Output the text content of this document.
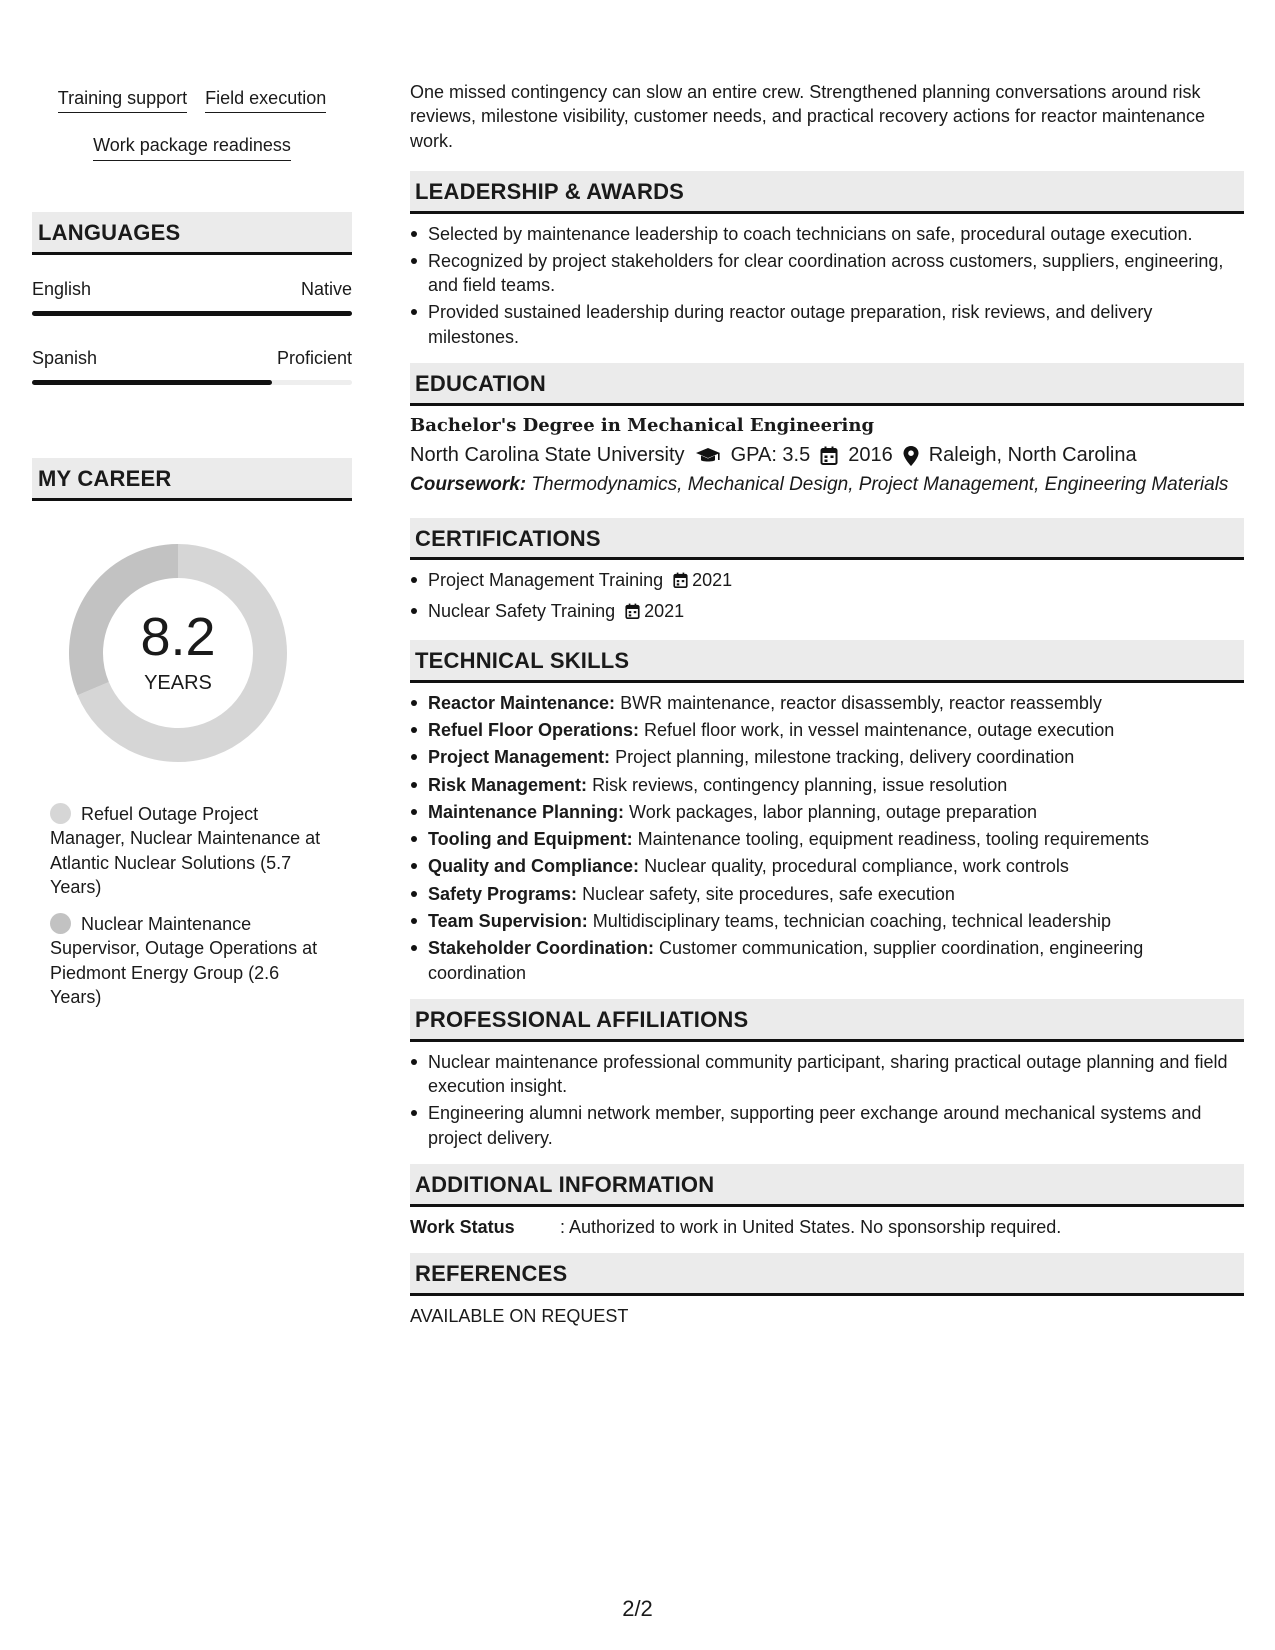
Training support Field execution
Work package readiness
LANGUAGES
English	Native
Spanish	Proficient
MY CAREER
8.2
YEARS
Refuel Outage Project Manager, Nuclear Maintenance at Atlantic Nuclear Solutions (5.7 Years)
Nuclear Maintenance Supervisor, Outage Operations at Piedmont Energy Group (2.6 Years)

One missed contingency can slow an entire crew. Strengthened planning conversations around risk reviews, milestone visibility, customer needs, and practical recovery actions for reactor maintenance work.

LEADERSHIP & AWARDS
Selected by maintenance leadership to coach technicians on safe, procedural outage execution.
Recognized by project stakeholders for clear coordination across customers, suppliers, engineering, and field teams.
Provided sustained leadership during reactor outage preparation, risk reviews, and delivery milestones.
EDUCATION
Bachelor's Degree in Mechanical Engineering
North Carolina State University GPA: 3.5 2016 Raleigh, North Carolina
Coursework: Thermodynamics, Mechanical Design, Project Management, Engineering Materials
CERTIFICATIONS
Project Management Training 2021
Nuclear Safety Training 2021
TECHNICAL SKILLS
Reactor Maintenance: BWR maintenance, reactor disassembly, reactor reassembly
Refuel Floor Operations: Refuel floor work, in vessel maintenance, outage execution
Project Management: Project planning, milestone tracking, delivery coordination
Risk Management: Risk reviews, contingency planning, issue resolution
Maintenance Planning: Work packages, labor planning, outage preparation
Tooling and Equipment: Maintenance tooling, equipment readiness, tooling requirements
Quality and Compliance: Nuclear quality, procedural compliance, work controls
Safety Programs: Nuclear safety, site procedures, safe execution
Team Supervision: Multidisciplinary teams, technician coaching, technical leadership
Stakeholder Coordination: Customer communication, supplier coordination, engineering coordination
PROFESSIONAL AFFILIATIONS
Nuclear maintenance professional community participant, sharing practical outage planning and field execution insight.
Engineering alumni network member, supporting peer exchange around mechanical systems and project delivery.
ADDITIONAL INFORMATION
Work Status	: Authorized to work in United States. No sponsorship required.
REFERENCES
AVAILABLE ON REQUEST
2/2
